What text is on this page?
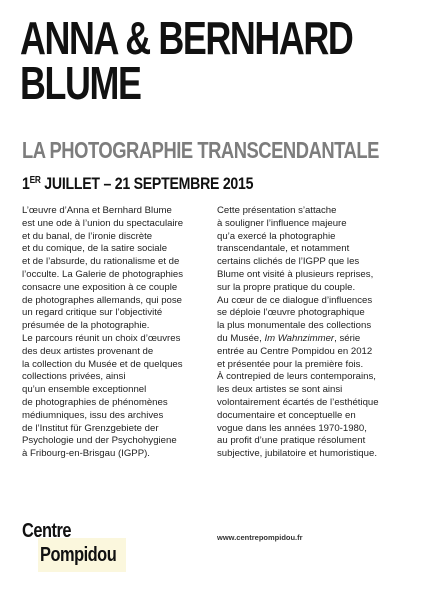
ANNA & BERNHARD
BLUME
LA PHOTOGRAPHIE TRANSCENDANTALE
1ER JUILLET – 21 SEPTEMBRE 2015

L’œuvre d’Anna et Bernhard Blume

est une ode à l’union du spectaculaire

et du banal, de l’ironie discrète

et du comique, de la satire sociale

et de l’absurde, du rationalisme et de

l’occulte. La Galerie de photographies

consacre une exposition à ce couple

de photographes allemands, qui pose

un regard critique sur l’objectivité

présumée de la photographie.

Le parcours réunit un choix d’œuvres

des deux artistes provenant de

la collection du Musée et de quelques

collections privées, ainsi

qu’un ensemble exceptionnel

de photographies de phénomènes

médiumniques, issu des archives

de l’Institut für Grenzgebiete der

Psychologie und der Psychohygiene

à Fribourg-en-Brisgau (IGPP).

Cette présentation s’attache

à souligner l’influence majeure

qu’a exercé la photographie

transcendantale, et notamment

certains clichés de l’IGPP que les

Blume ont visité à plusieurs reprises,

sur la propre pratique du couple.

Au cœur de ce dialogue d’influences

se déploie l’œuvre photographique

la plus monumentale des collections

du Musée, Im Wahnzimmer, série

entrée au Centre Pompidou en 2012

et présentée pour la première fois.

À contrepied de leurs contemporains,

les deux artistes se sont ainsi

volontairement écartés de l’esthétique

documentaire et conceptuelle en

vogue dans les années 1970-1980,

au profit d’une pratique résolument

subjective, jubilatoire et humoristique.

Centre
Pompidou
www.centrepompidou.fr
